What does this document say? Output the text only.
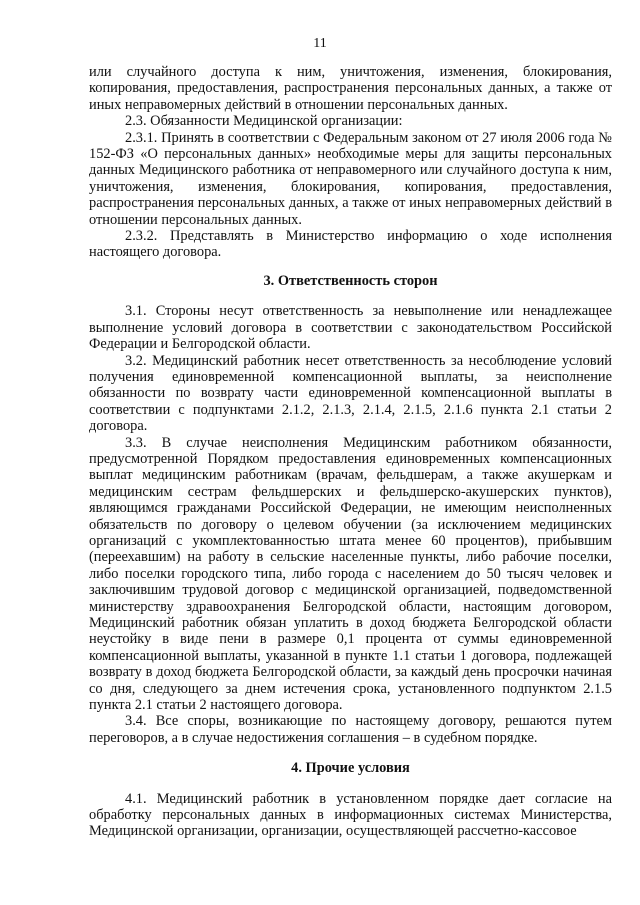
11

или случайного доступа к ним, уничтожения, изменения, блокирования, копирования, предоставления, распространения персональных данных, а также от иных неправомерных действий в отношении персональных данных.

2.3. Обязанности Медицинской организации:

2.3.1. Принять в соответствии с Федеральным законом от 27 июля 2006 года № 152-ФЗ «О персональных данных» необходимые меры для защиты персональных данных Медицинского работника от неправомерного или случайного доступа к ним, уничтожения, изменения, блокирования, копирования, предоставления, распространения персональных данных, а также от иных неправомерных действий в отношении персональных данных.

2.3.2. Представлять в Министерство информацию о ходе исполнения настоящего договора.

3. Ответственность сторон

3.1. Стороны несут ответственность за невыполнение или ненадлежащее выполнение условий договора в соответствии с законодательством Российской Федерации и Белгородской области.

3.2. Медицинский работник несет ответственность за несоблюдение условий получения единовременной компенсационной выплаты, за неисполнение обязанности по возврату части единовременной компенсационной выплаты в соответствии с подпунктами 2.1.2, 2.1.3, 2.1.4, 2.1.5, 2.1.6 пункта 2.1 статьи 2 договора.

3.3. В случае неисполнения Медицинским работником обязанности, предусмотренной Порядком предоставления единовременных компенсационных выплат медицинским работникам (врачам, фельдшерам, а также акушеркам и медицинским сестрам фельдшерских и фельдшерско-акушерских пунктов), являющимся гражданами Российской Федерации, не имеющим неисполненных обязательств по договору о целевом обучении (за исключением медицинских организаций с укомплектованностью штата менее 60 процентов), прибывшим (переехавшим) на работу в сельские населенные пункты, либо рабочие поселки, либо поселки городского типа, либо города с населением до 50 тысяч человек и заключившим трудовой договор с медицинской организацией, подведомственной министерству здравоохранения Белгородской области, настоящим договором, Медицинский работник обязан уплатить в доход бюджета Белгородской области неустойку в виде пени в размере 0,1 процента от суммы единовременной компенсационной выплаты, указанной в пункте 1.1 статьи 1 договора, подлежащей возврату в доход бюджета Белгородской области, за каждый день просрочки начиная со дня, следующего за днем истечения срока, установленного подпунктом 2.1.5 пункта 2.1 статьи 2 настоящего договора.

3.4. Все споры, возникающие по настоящему договору, решаются путем переговоров, а в случае недостижения соглашения – в судебном порядке.

4. Прочие условия

4.1. Медицинский работник в установленном порядке дает согласие на обработку персональных данных в информационных системах Министерства, Медицинской организации, организации, осуществляющей рассчетно-кассовое
